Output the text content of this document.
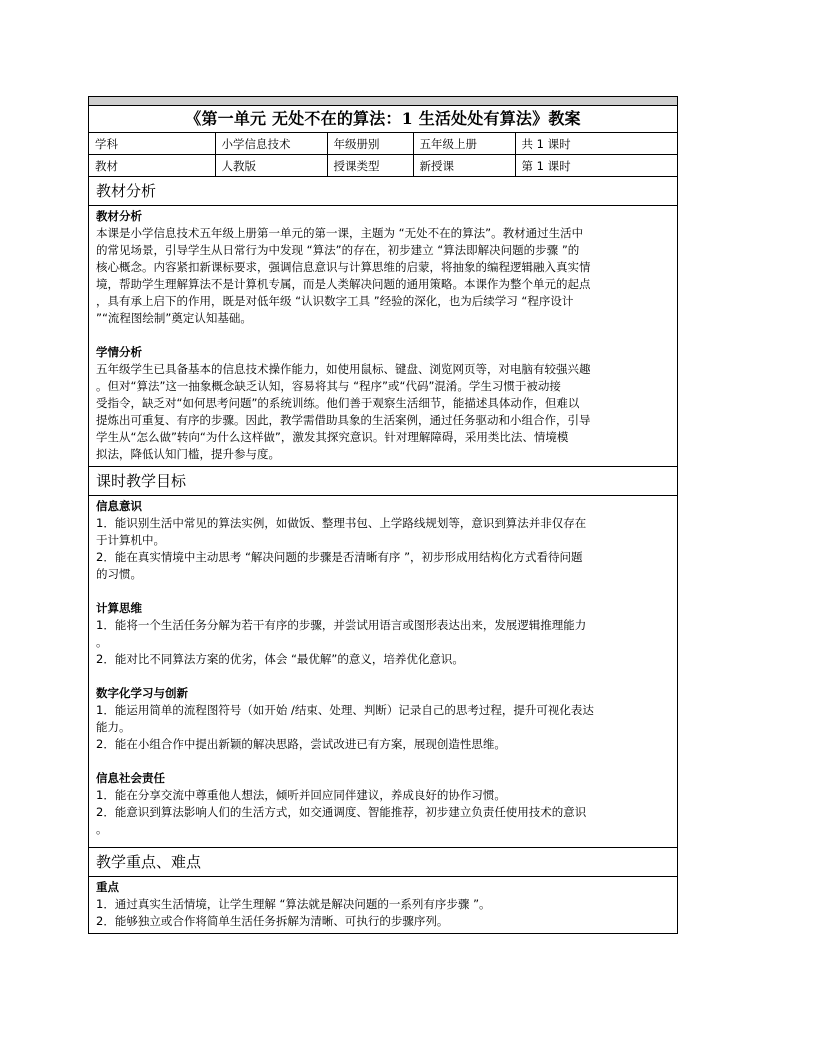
《第一单元 无处不在的算法：1 生活处处有算法》教案
学科	小学信息技术	年级册别	五年级上册	共 1 课时
教材	人教版	授课类型	新授课	第 1 课时
教材分析

教材分析

本课是小学信息技术五年级上册第一单元的第一课，主题为 “无处不在的算法”。教材通过生活中

的常见场景，引导学生从日常行为中发现 “算法”的存在，初步建立 “算法即解决问题的步骤 ”的

核心概念。内容紧扣新课标要求，强调信息意识与计算思维的启蒙，将抽象的编程逻辑融入真实情

境，帮助学生理解算法不是计算机专属，而是人类解决问题的通用策略。本课作为整个单元的起点

，具有承上启下的作用，既是对低年级 “认识数字工具 ”经验的深化，也为后续学习 “程序设计

”“流程图绘制”奠定认知基础。

学情分析

五年级学生已具备基本的信息技术操作能力，如使用鼠标、键盘、浏览网页等，对电脑有较强兴趣

。但对“算法”这一抽象概念缺乏认知，容易将其与 “程序”或“代码”混淆。学生习惯于被动接

受指令，缺乏对“如何思考问题”的系统训练。他们善于观察生活细节，能描述具体动作，但难以

提炼出可重复、有序的步骤。因此，教学需借助具象的生活案例，通过任务驱动和小组合作，引导

学生从“怎么做”转向“为什么这样做”，激发其探究意识。针对理解障碍，采用类比法、情境模

拟法，降低认知门槛，提升参与度。

课时教学目标

信息意识

1．能识别生活中常见的算法实例，如做饭、整理书包、上学路线规划等，意识到算法并非仅存在

于计算机中。

2．能在真实情境中主动思考 “解决问题的步骤是否清晰有序 ”，初步形成用结构化方式看待问题

的习惯。

计算思维

1．能将一个生活任务分解为若干有序的步骤，并尝试用语言或图形表达出来，发展逻辑推理能力

。

2．能对比不同算法方案的优劣，体会 “最优解”的意义，培养优化意识。

数字化学习与创新

1．能运用简单的流程图符号（如开始 /结束、处理、判断）记录自己的思考过程，提升可视化表达

能力。

2．能在小组合作中提出新颖的解决思路，尝试改进已有方案，展现创造性思维。

信息社会责任

1．能在分享交流中尊重他人想法，倾听并回应同伴建议，养成良好的协作习惯。

2．能意识到算法影响人们的生活方式，如交通调度、智能推荐，初步建立负责任使用技术的意识

。

教学重点、难点

重点

1．通过真实生活情境，让学生理解 “算法就是解决问题的一系列有序步骤 ”。

2．能够独立或合作将简单生活任务拆解为清晰、可执行的步骤序列。
